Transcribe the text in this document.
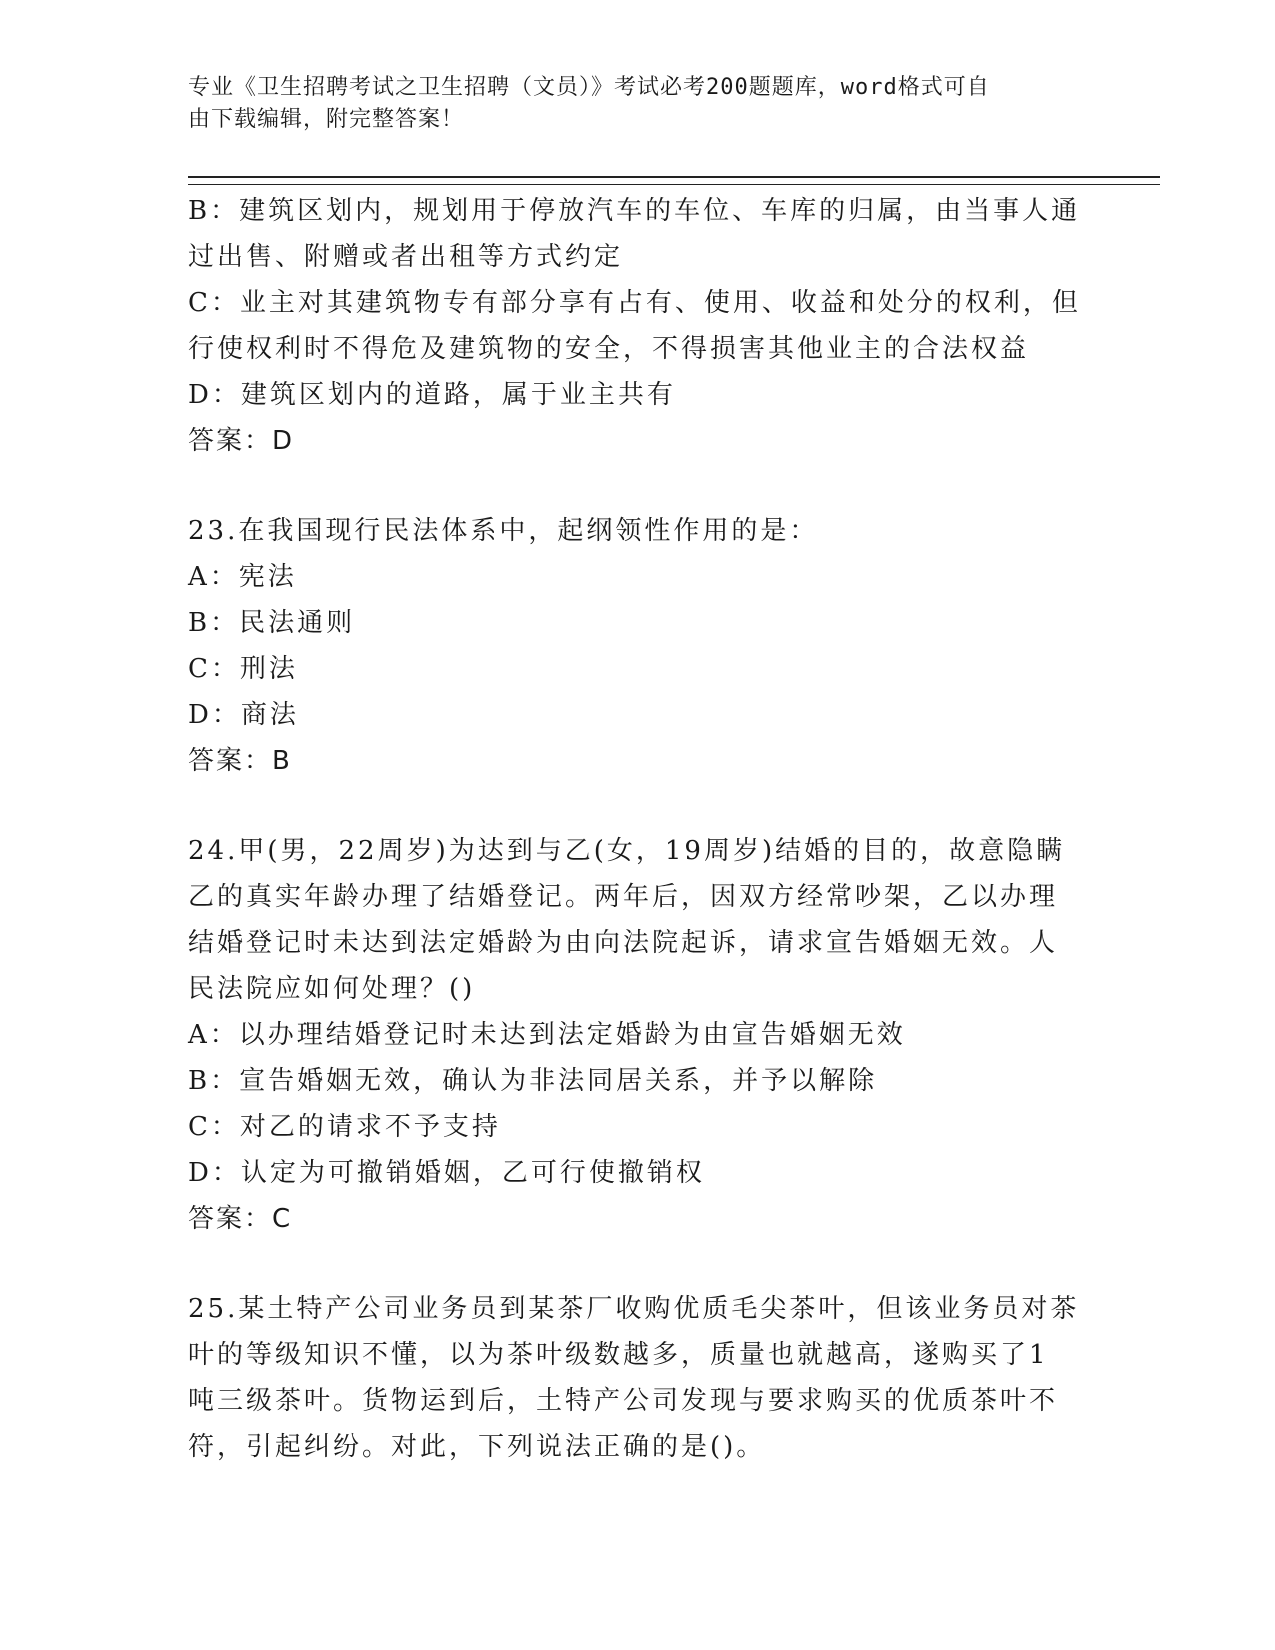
专业《卫生招聘考试之卫生招聘（文员）》考试必考200题题库，word格式可自
由下载编辑，附完整答案！
B：建筑区划内，规划用于停放汽车的车位、车库的归属，由当事人通
过出售、附赠或者出租等方式约定
C：业主对其建筑物专有部分享有占有、使用、收益和处分的权利，但
行使权利时不得危及建筑物的安全，不得损害其他业主的合法权益
D：建筑区划内的道路，属于业主共有
答案：D
23.在我国现行民法体系中，起纲领性作用的是：
A：宪法
B：民法通则
C：刑法
D：商法
答案：B
24.甲(男，22周岁)为达到与乙(女，19周岁)结婚的目的，故意隐瞒
乙的真实年龄办理了结婚登记。两年后，因双方经常吵架，乙以办理
结婚登记时未达到法定婚龄为由向法院起诉，请求宣告婚姻无效。人
民法院应如何处理？()
A：以办理结婚登记时未达到法定婚龄为由宣告婚姻无效
B：宣告婚姻无效，确认为非法同居关系，并予以解除
C：对乙的请求不予支持
D：认定为可撤销婚姻，乙可行使撤销权
答案：C
25.某土特产公司业务员到某茶厂收购优质毛尖茶叶，但该业务员对茶
叶的等级知识不懂，以为茶叶级数越多，质量也就越高，遂购买了1
吨三级茶叶。货物运到后，土特产公司发现与要求购买的优质茶叶不
符，引起纠纷。对此，下列说法正确的是()。
